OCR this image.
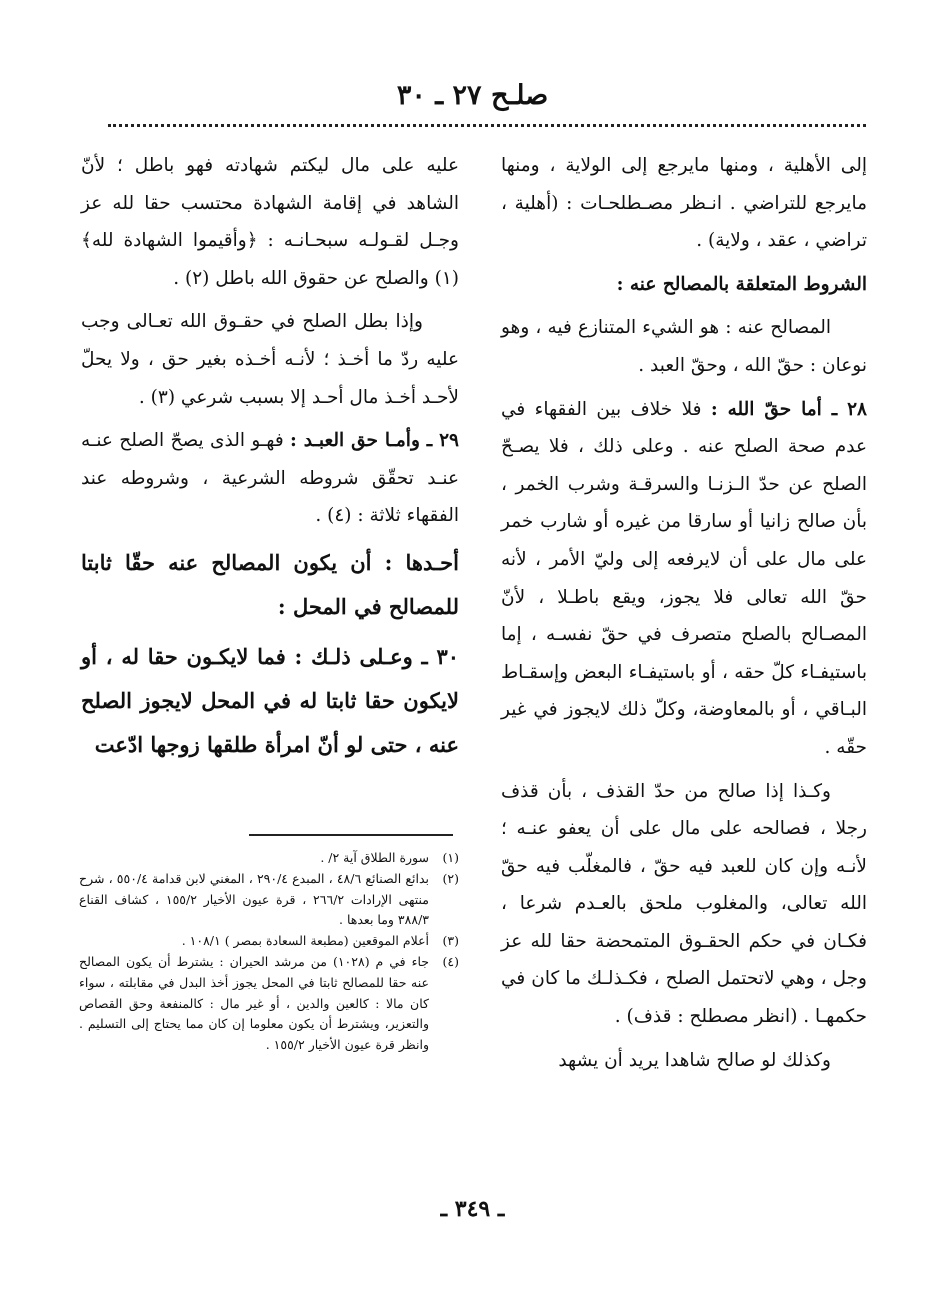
صلـح ٢٧ ـ ٣٠

إلى الأهلية ، ومنها مايرجع إلى الولاية ، ومنها مايرجع للتراضي . انـظر مصـطلحـات : (أهلية ، تراضي ، عقد ، ولاية) .

الشروط المتعلقة بالمصالح عنه :

المصالح عنه : هو الشيء المتنازع فيه ، وهو نوعان : حقّ الله ، وحقّ العبد .

٢٨ ـ أما حقّ الله : فلا خلاف بين الفقهاء في عدم صحة الصلح عنه . وعلى ذلك ، فلا يصـحّ الصلح عن حدّ الـزنـا والسرقـة وشرب الخمر ، بأن صالح زانيا أو سارقا من غيره أو شارب خمر على مال على أن لايرفعه إلى وليّ الأمر ، لأنه حقّ الله تعالى فلا يجوز، ويقع باطـلا ، لأنّ المصـالح بالصلح متصرف في حقّ نفسـه ، إما باستيفـاء كلّ حقه ، أو باستيفـاء البعض وإسقـاط البـاقي ، أو بالمعاوضة، وكلّ ذلك لايجوز في غير حقّه .

وكـذا إذا صالح من حدّ القذف ، بأن قذف رجلا ، فصالحه على مال على أن يعفو عنـه ؛ لأنـه وإن كان للعبد فيه حقّ ، فالمغلّب فيه حقّ الله تعالى، والمغلوب ملحق بالعـدم شرعا ، فكـان في حكم الحقـوق المتمحضة حقا لله عز وجل ، وهي لاتحتمل الصلح ، فكـذلـك ما كان في حكمهـا . (انظر مصطلح : قذف) .

وكذلك لو صالح شاهدا يريد أن يشهد

عليه على مال ليكتم شهادته فهو باطل ؛ لأنّ الشاهد في إقامة الشهادة محتسب حقا لله عز وجـل لقـولـه سبحـانـه : ﴿وأقيموا الشهادة لله﴾ (١) والصلح عن حقوق الله باطل (٢) .

وإذا بطل الصلح في حقـوق الله تعـالى وجب عليه ردّ ما أخـذ ؛ لأنـه أخـذه بغير حق ، ولا يحلّ لأحـد أخـذ مال أحـد إلا بسبب شرعي (٣) .

٢٩ ـ وأمـا حق العبـد : فهـو الذى يصحّ الصلح عنـه عنـد تحقّق شروطه الشرعية ، وشروطه عند الفقهاء ثلاثة : (٤) .

أحـدها : أن يكون المصالح عنه حقّا ثابتا للمصالح في المحل :

٣٠ ـ وعـلى ذلـك : فما لايكـون حقا له ، أو لايكون حقا ثابتا له في المحل لايجوز الصلح عنه ، حتى لو أنّ امرأة طلقها زوجها ادّعت

(١)
سورة الطلاق آية ٢/ .

(٢)
بدائع الصنائع ٤٨/٦ ، المبدع ٢٩٠/٤ ، المغني لابن قدامة ٥٥٠/٤ ، شرح منتهى الإرادات ٢٦٦/٢ ، قرة عيون الأخيار ١٥٥/٢ ، كشاف القناع ٣٨٨/٣ وما بعدها .

(٣)
أعلام الموقعين (مطبعة السعادة بمصر ) ١٠٨/١ .

(٤)
جاء في م (١٠٢٨) من مرشد الحيران : يشترط أن يكون المصالح عنه حقا للمصالح ثابتا في المحل يجوز أخذ البدل في مقابلته ، سواء كان مالا : كالعين والدين ، أو غير مال : كالمنفعة وحق القصاص والتعزير، ويشترط أن يكون معلوما إن كان مما يحتاج إلى التسليم . وانظر قرة عيون الأخيار ١٥٥/٢ .

ـ ٣٤٩ ـ
